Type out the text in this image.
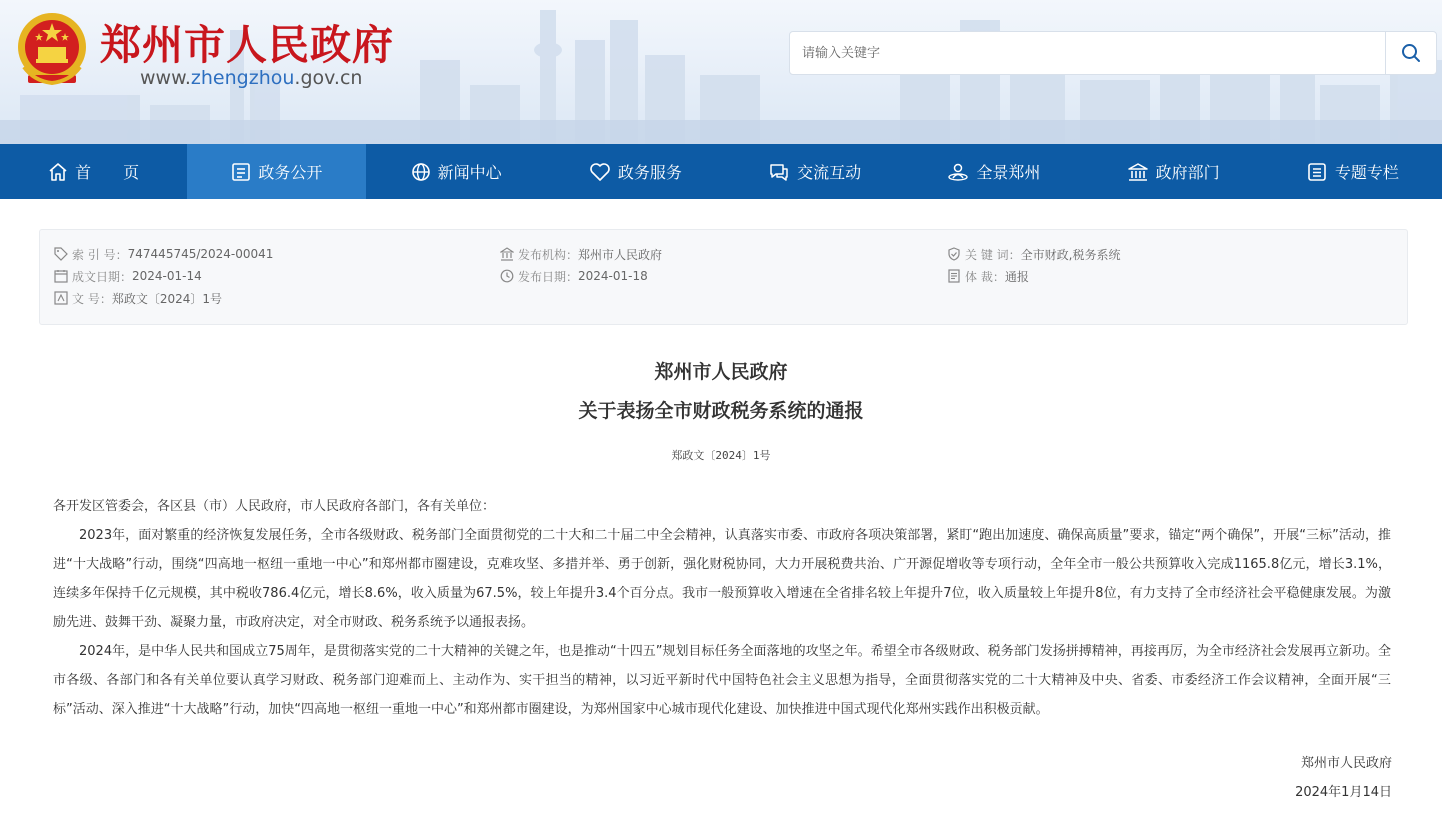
郑州市人民政府
www.zhengzhou.gov.cn
请输入关键字
首　　页	政务公开	新闻中心	政务服务	交流互动	全景郑州	政府部门	专题专栏
索 引 号： 747445745/2024-00041
成文日期： 2024-01-14
文 号： 郑政文〔2024〕1号
发布机构： 郑州市人民政府
发布日期： 2024-01-18
关 键 词： 全市财政,税务系统
体 裁： 通报
郑州市人民政府
关于表扬全市财政税务系统的通报
郑政文〔2024〕1号

各开发区管委会，各区县（市）人民政府，市人民政府各部门，各有关单位：

2023年，面对繁重的经济恢复发展任务，全市各级财政、税务部门全面贯彻党的二十大和二十届二中全会精神，认真落实市委、市政府各项决策部署，紧盯“跑出加速度、确保高质量”要求，锚定“两个确保”，开展“三标”活动，推进“十大战略”行动，围绕“四高地一枢纽一重地一中心”和郑州都市圈建设，克难攻坚、多措并举、勇于创新，强化财税协同，大力开展税费共治、广开源促增收等专项行动，全年全市一般公共预算收入完成1165.8亿元，增长3.1%，连续多年保持千亿元规模，其中税收786.4亿元，增长8.6%，收入质量为67.5%，较上年提升3.4个百分点。我市一般预算收入增速在全省排名较上年提升7位，收入质量较上年提升8位，有力支持了全市经济社会平稳健康发展。为激励先进、鼓舞干劲、凝聚力量，市政府决定，对全市财政、税务系统予以通报表扬。

2024年，是中华人民共和国成立75周年，是贯彻落实党的二十大精神的关键之年，也是推动“十四五”规划目标任务全面落地的攻坚之年。希望全市各级财政、税务部门发扬拼搏精神，再接再厉，为全市经济社会发展再立新功。全市各级、各部门和各有关单位要认真学习财政、税务部门迎难而上、主动作为、实干担当的精神，以习近平新时代中国特色社会主义思想为指导，全面贯彻落实党的二十大精神及中央、省委、市委经济工作会议精神，全面开展“三标”活动、深入推进“十大战略”行动，加快“四高地一枢纽一重地一中心”和郑州都市圈建设，为郑州国家中心城市现代化建设、加快推进中国式现代化郑州实践作出积极贡献。

郑州市人民政府
2024年1月14日
